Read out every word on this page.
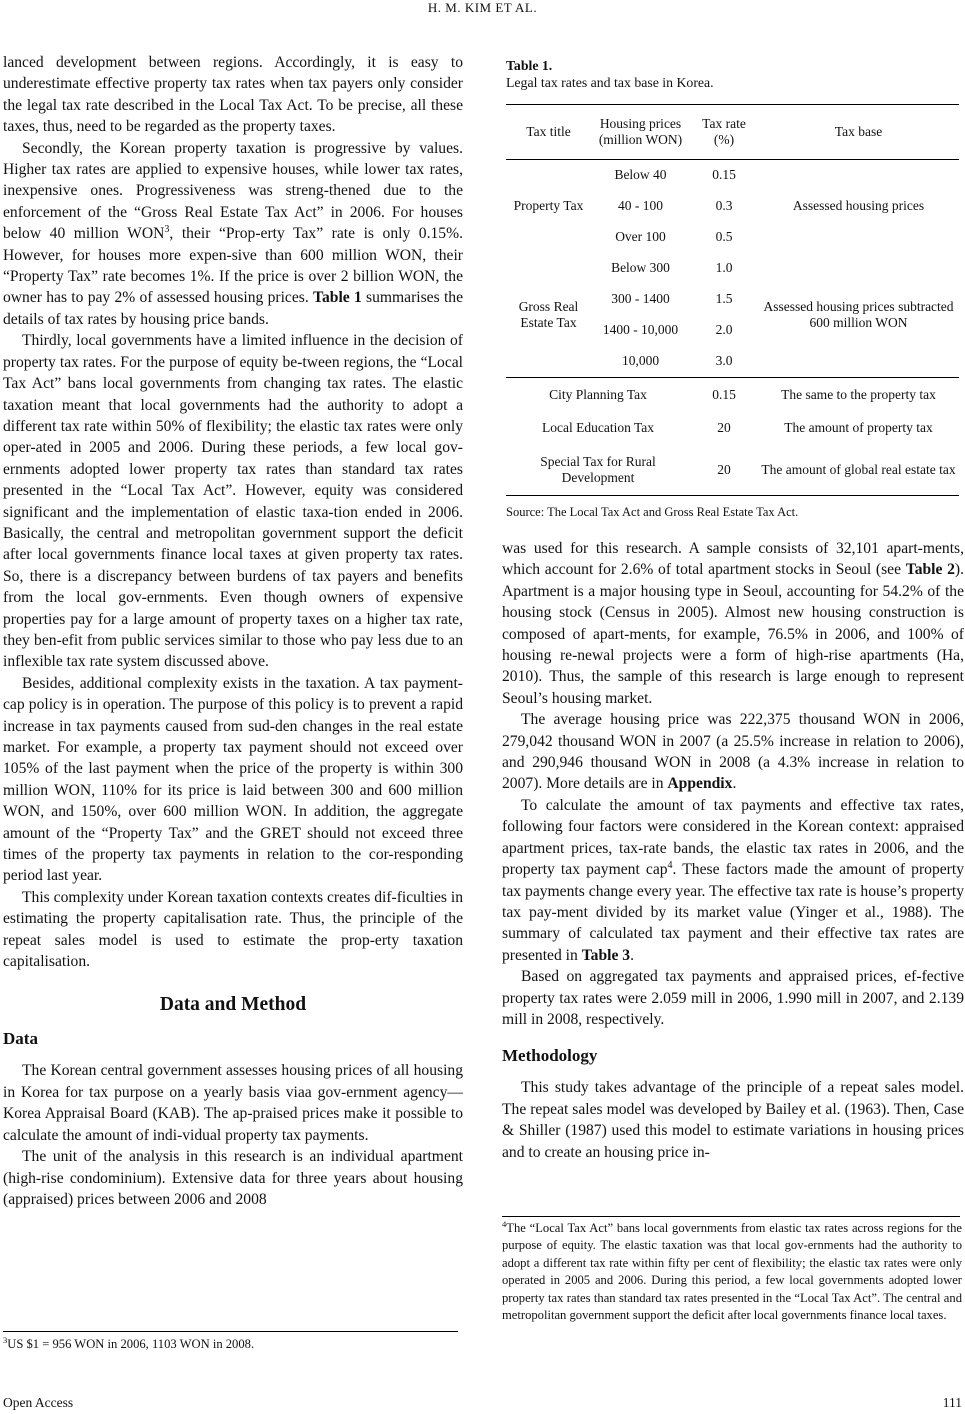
H. M. KIM ET AL.

lanced development between regions. Accordingly, it is easy to underestimate effective property tax rates when tax payers only consider the legal tax rate described in the Local Tax Act. To be precise, all these taxes, thus, need to be regarded as the property taxes.

Secondly, the Korean property taxation is progressive by values. Higher tax rates are applied to expensive houses, while lower tax rates, inexpensive ones. Progressiveness was streng-thened due to the enforcement of the “Gross Real Estate Tax Act” in 2006. For houses below 40 million WON$^3$, their “Prop-erty Tax” rate is only 0.15%. However, for houses more expen-sive than 600 million WON, their “Property Tax” rate becomes 1%. If the price is over 2 billion WON, the owner has to pay 2% of assessed housing prices. Table 1 summarises the details of tax rates by housing price bands.

Thirdly, local governments have a limited influence in the decision of property tax rates. For the purpose of equity be-tween regions, the “Local Tax Act” bans local governments from changing tax rates. The elastic taxation meant that local governments had the authority to adopt a different tax rate within 50% of flexibility; the elastic tax rates were only oper-ated in 2005 and 2006. During these periods, a few local gov-ernments adopted lower property tax rates than standard tax rates presented in the “Local Tax Act”. However, equity was considered significant and the implementation of elastic taxa-tion ended in 2006. Basically, the central and metropolitan government support the deficit after local governments finance local taxes at given property tax rates. So, there is a discrepancy between burdens of tax payers and benefits from the local gov-ernments. Even though owners of expensive properties pay for a large amount of property taxes on a higher tax rate, they ben-efit from public services similar to those who pay less due to an inflexible tax rate system discussed above.

Besides, additional complexity exists in the taxation. A tax payment-cap policy is in operation. The purpose of this policy is to prevent a rapid increase in tax payments caused from sud-den changes in the real estate market. For example, a property tax payment should not exceed over 105% of the last payment when the price of the property is within 300 million WON, 110% for its price is laid between 300 and 600 million WON, and 150%, over 600 million WON. In addition, the aggregate amount of the “Property Tax” and the GRET should not exceed three times of the property tax payments in relation to the cor-responding period last year.

This complexity under Korean taxation contexts creates dif-ficulties in estimating the property capitalisation rate. Thus, the principle of the repeat sales model is used to estimate the prop-erty taxation capitalisation.

Data and Method
Data

The Korean central government assesses housing prices of all housing in Korea for tax purpose on a yearly basis viaa gov-ernment agency—Korea Appraisal Board (KAB). The ap-praised prices make it possible to calculate the amount of indi-vidual property tax payments.

The unit of the analysis in this research is an individual apartment (high-rise condominium). Extensive data for three years about housing (appraised) prices between 2006 and 2008

Table 1.
Legal tax rates and tax base in Korea.
Tax title	Housing prices (million WON)	Tax rate (%)	Tax base
Property Tax	Below 40	0.15	Assessed housing prices
	40 - 100	0.3	
	Over 100	0.5	
Gross Real Estate Tax	Below 300	1.0	Assessed housing prices subtracted 600 million WON
	300 - 1400	1.5	
	1400 - 10,000	2.0	
	10,000	3.0	
City Planning Tax		0.15	The same to the property tax
Local Education Tax		20	The amount of property tax
Special Tax for Rural Development		20	The amount of global real estate tax
Source: The Local Tax Act and Gross Real Estate Tax Act.

was used for this research. A sample consists of 32,101 apart-ments, which account for 2.6% of total apartment stocks in Seoul (see Table 2). Apartment is a major housing type in Seoul, accounting for 54.2% of the housing stock (Census in 2005). Almost new housing construction is composed of apart-ments, for example, 76.5% in 2006, and 100% of housing re-newal projects were a form of high-rise apartments (Ha, 2010). Thus, the sample of this research is large enough to represent Seoul’s housing market.

The average housing price was 222,375 thousand WON in 2006, 279,042 thousand WON in 2007 (a 25.5% increase in relation to 2006), and 290,946 thousand WON in 2008 (a 4.3% increase in relation to 2007). More details are in Appendix.

To calculate the amount of tax payments and effective tax rates, following four factors were considered in the Korean context: appraised apartment prices, tax-rate bands, the elastic tax rates in 2006, and the property tax payment cap$^4$. These factors made the amount of property tax payments change every year. The effective tax rate is house’s property tax pay-ment divided by its market value (Yinger et al., 1988). The summary of calculated tax payment and their effective tax rates are presented in Table 3.

Based on aggregated tax payments and appraised prices, ef-fective property tax rates were 2.059 mill in 2006, 1.990 mill in 2007, and 2.139 mill in 2008, respectively.

Methodology

This study takes advantage of the principle of a repeat sales model. The repeat sales model was developed by Bailey et al. (1963). Then, Case & Shiller (1987) used this model to estimate variations in housing prices and to create an housing price in-

$^3$US $1 = 956 WON in 2006, 1103 WON in 2008.
$^4$The “Local Tax Act” bans local governments from elastic tax rates across regions for the purpose of equity. The elastic taxation was that local gov-ernments had the authority to adopt a different tax rate within fifty per cent of flexibility; the elastic tax rates were only operated in 2005 and 2006. During this period, a few local governments adopted lower property tax rates than standard tax rates presented in the “Local Tax Act”. The central and metropolitan government support the deficit after local governments finance local taxes.
Open Access	111
